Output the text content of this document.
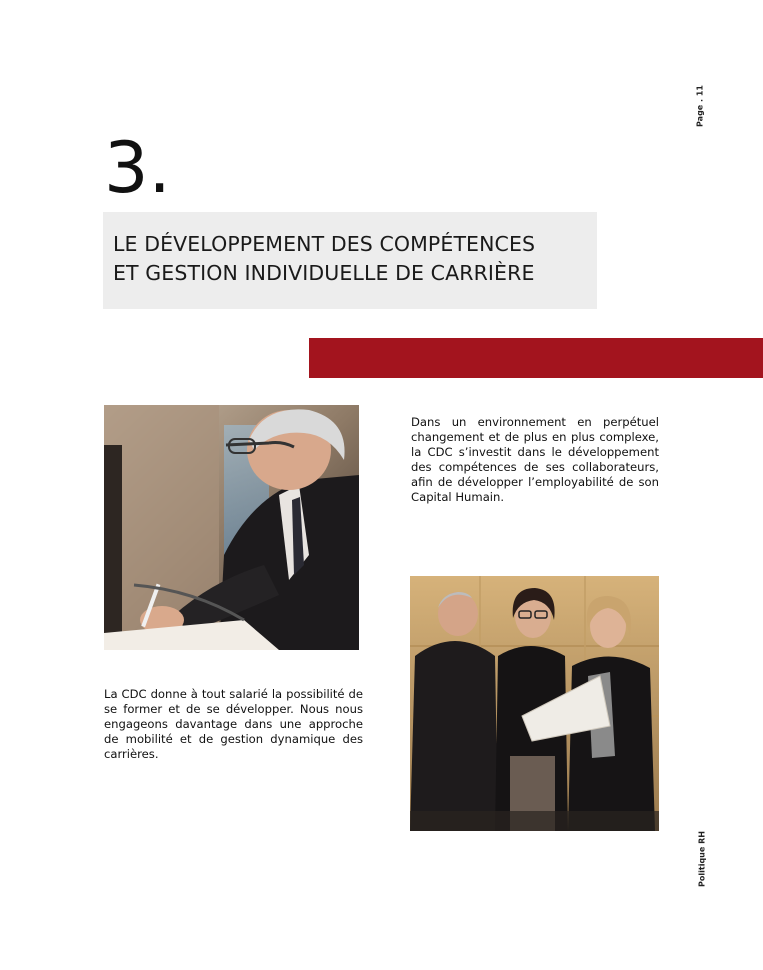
Page . 11
3.
LE DÉVELOPPEMENT DES COMPÉTENCES
ET GESTION INDIVIDUELLE DE CARRIÈRE
Dans un environnement en perpétuel changement et de plus en plus complexe, la CDC s’investit dans le développement des compétences de ses collaborateurs, afin de développer l’employabilité de son Capital Humain.
La CDC donne à tout salarié la possibilité de se former et de se développer. Nous nous engageons davantage dans une approche de mobilité et de gestion dynamique des carrières.
Politique RH
